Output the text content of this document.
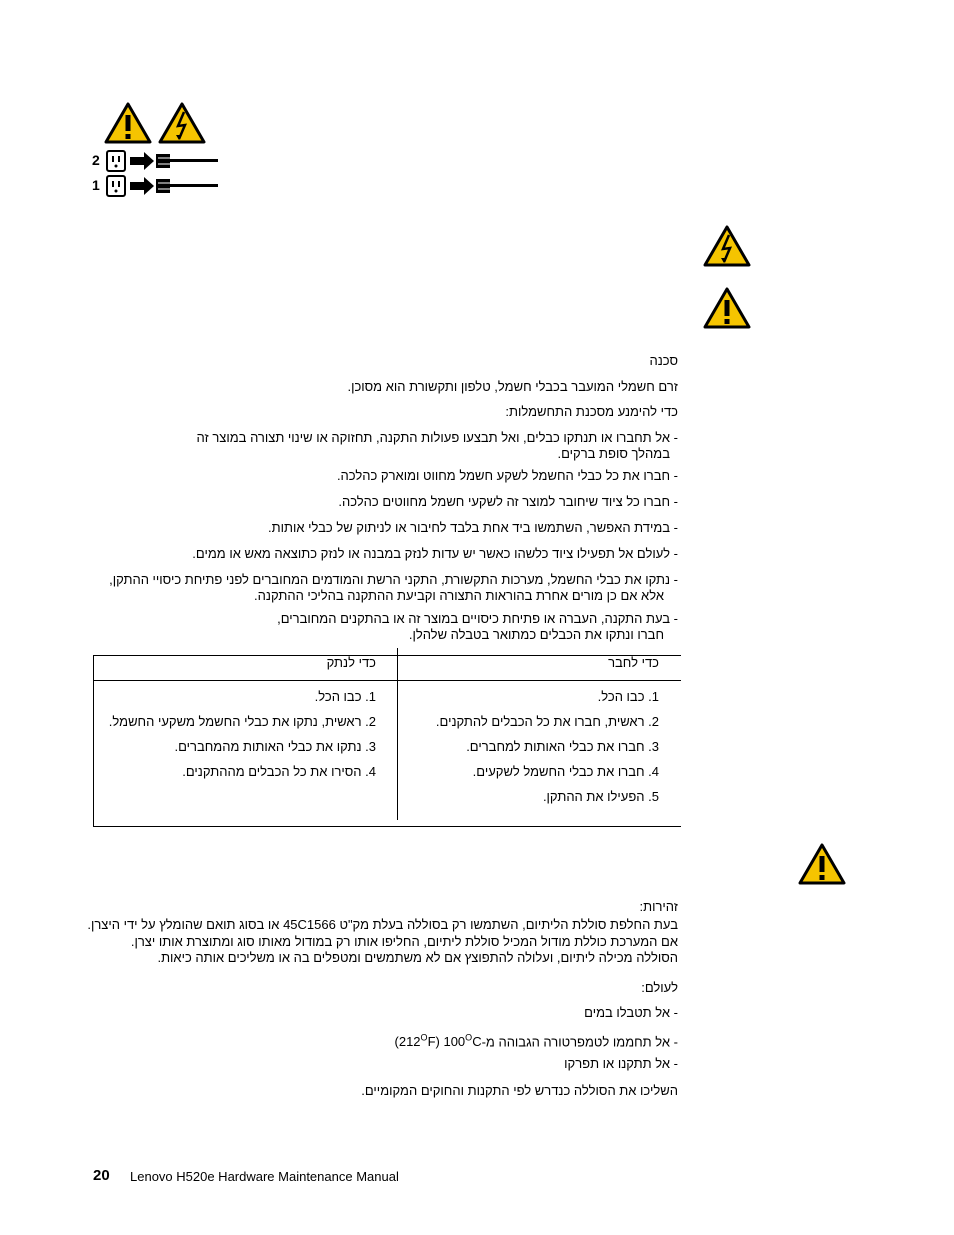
2
1
סכנה
זרם חשמלי המועבר בכבלי חשמל, טלפון ותקשורת הוא מסוכן.
כדי להימנע מסכנת התחשמלות:
- אל תחברו או תנתקו כבלים, ואל תבצעו פעולות התקנה, תחזוקה או שינוי תצורה במוצר זה
במהלך סופת ברקים.
- חברו את כל כבלי החשמל לשקע חשמל מחווט ומוארק כהלכה.
- חברו כל ציוד שיחובר למוצר זה לשקעי חשמל מחווטים כהלכה.
- במידת האפשר, השתמשו ביד אחת בלבד לחיבור או לניתוק של כבלי אותות.
- לעולם אל תפעילו ציוד כלשהו כאשר יש עדות לנזק במבנה או לנזק כתוצאה מאש או ממים.
- נתקו את כבלי החשמל, מערכות התקשורת, התקני הרשת והמודמים המחוברים לפני פתיחת כיסויי ההתקן,
אלא אם כן מורים אחרת בהוראות התצורה וקביעת ההתקנה בהליכי ההתקנה.
- בעת התקנה, העברה או פתיחת כיסויים במוצר זה או בהתקנים המחוברים,
חברו ונתקו את הכבלים כמתואר בטבלה שלהלן.
כדי לחבר
כדי לנתק
1. כבו הכל.
2. ראשית, חברו את כל הכבלים להתקנים.
3. חברו את כבלי האותות למחברים.
4. חברו את כבלי החשמל לשקעים.
5. הפעילו את ההתקן.
1. כבו הכל.
2. ראשית, נתקו את כבלי החשמל משקעי החשמל.
3. נתקו את כבלי האותות מהמחברים.
4. הסירו את כל הכבלים מההתקנים.
זהירות:
בעת החלפת סוללת הליתיום, השתמשו רק בסוללה בעלת מק"ט 45C1566 או בסוג תואם שהומלץ על ידי היצרן.
אם המערכת כוללת מודול המכיל סוללת ליתיום, החליפו אותו רק במודול מאותו סוג ומתוצרת אותו יצרן.
הסוללה מכילה ליתיום, ועלולה להתפוצץ אם לא משתמשים ומטפלים בה או משליכים אותה כיאות.
לעולם:
- אל תטבלו במים
- אל תחממו לטמפרטורה הגבוהה $מ-(212^OF)$ $100^OC$
- אל תתקנו או תפרקו
השליכו את הסוללה כנדרש לפי התקנות והחוקים המקומיים.
20 Lenovo H520e Hardware Maintenance Manual
